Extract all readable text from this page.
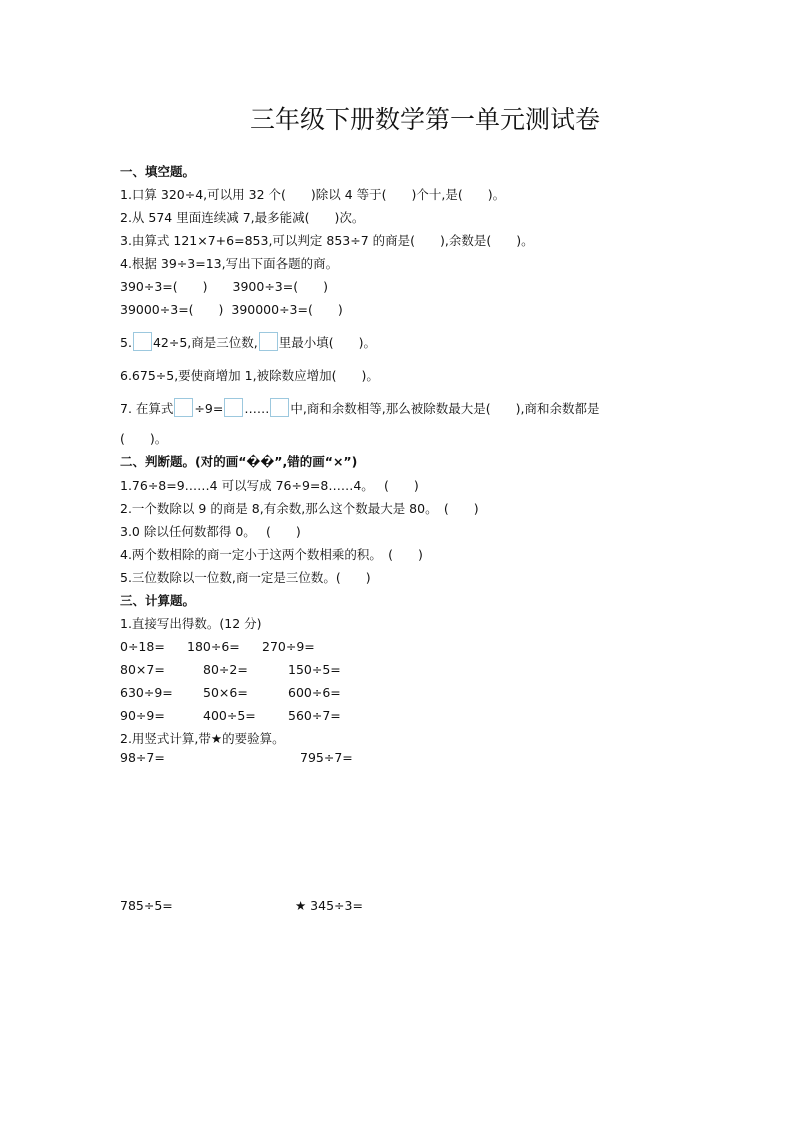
三年级下册数学第一单元测试卷
一、填空题。
1.口算 320÷4,可以用 32 个(　　)除以 4 等于(　　)个十,是(　　)。
2.从 574 里面连续减 7,最多能减(　　)次。
3.由算式 121×7+6=853,可以判定 853÷7 的商是(　　),余数是(　　)。
4.根据 39÷3=13,写出下面各题的商。
390÷3=(　　)　　3900÷3=(　　)
39000÷3=(　　)  390000÷3=(　　)
5. 42÷5,商是三位数, 里最小填(　　)。
6.675÷5,要使商增加 1,被除数应增加(　　)。
7. 在算式 ÷9= …… 中,商和余数相等,那么被除数最大是(　　),商和余数都是
(　　)。
二、判断题。(对的画“��”,错的画“×”)
1.76÷8=9……4 可以写成 76÷9=8……4。　 (　　)
2.一个数除以 9 的商是 8,有余数,那么这个数最大是 80。　(　　)
3.0 除以任何数都得 0。　 (　　)
4.两个数相除的商一定小于这两个数相乘的积。　(　　)
5.三位数除以一位数,商一定是三位数。(　　)
三、计算题。
1.直接写出得数。(12 分)
0÷18= 180÷6= 270÷9=
80×7=	80÷2=	150÷5=
630÷9= 50×6=	600÷6=
90÷9=	400÷5=	560÷7=
2.用竖式计算,带★的要验算。
98÷7=	795÷7=
785÷5=	★ 345÷3=
